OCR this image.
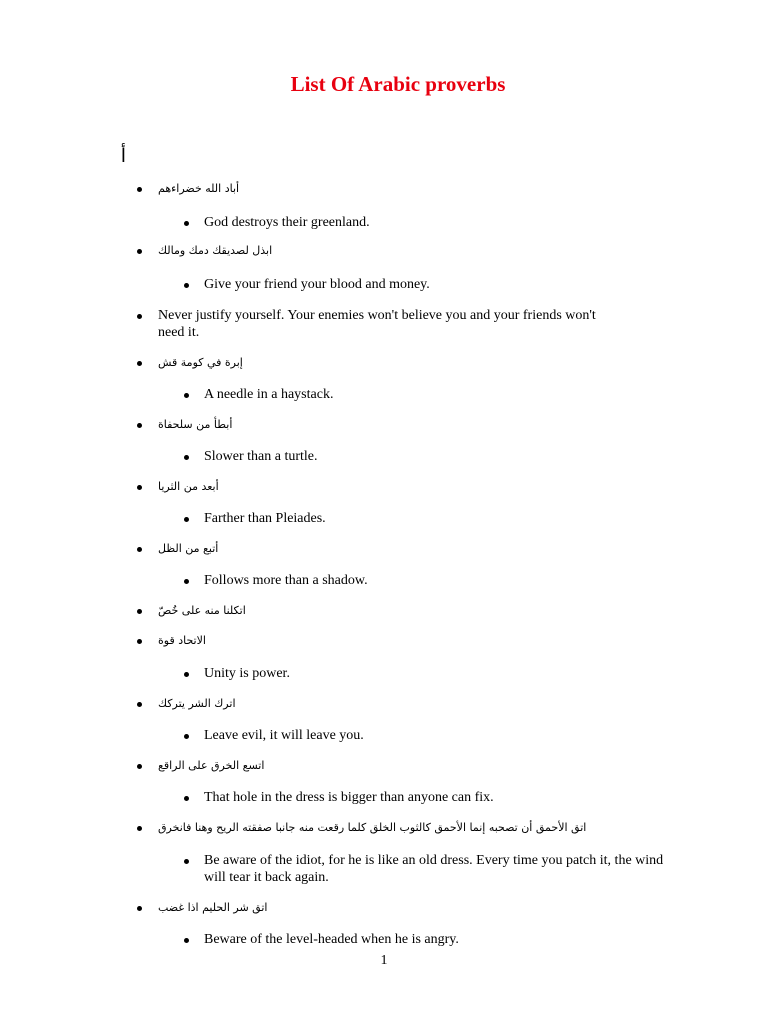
List Of Arabic proverbs
أ
أباد الله خضراءهم
God destroys their greenland.
ابذل لصديقك دمك ومالك
Give your friend your blood and money.
Never justify yourself. Your enemies won't believe you and your friends won't need it.
إبرة في كومة قش
A needle in a haystack.
أبطأ من سلحفاة
Slower than a turtle.
أبعد من الثريا
Farther than Pleiades.
أتبع من الظل
Follows more than a shadow.
اتكلنا منه على خُصّ
الاتحاد قوة
Unity is power.
اترك الشر يتركك
Leave evil, it will leave you.
اتسع الخرق على الراقع
That hole in the dress is bigger than anyone can fix.
اتق الأحمق أن تصحبه إنما الأحمق كالثوب الخلق كلما رقعت منه جانبا صفقته الريح وهنا فانخرق
Be aware of the idiot, for he is like an old dress. Every time you patch it, the wind will tear it back again.
اتق شر الحليم اذا غضب
Beware of the level-headed when he is angry.
1
